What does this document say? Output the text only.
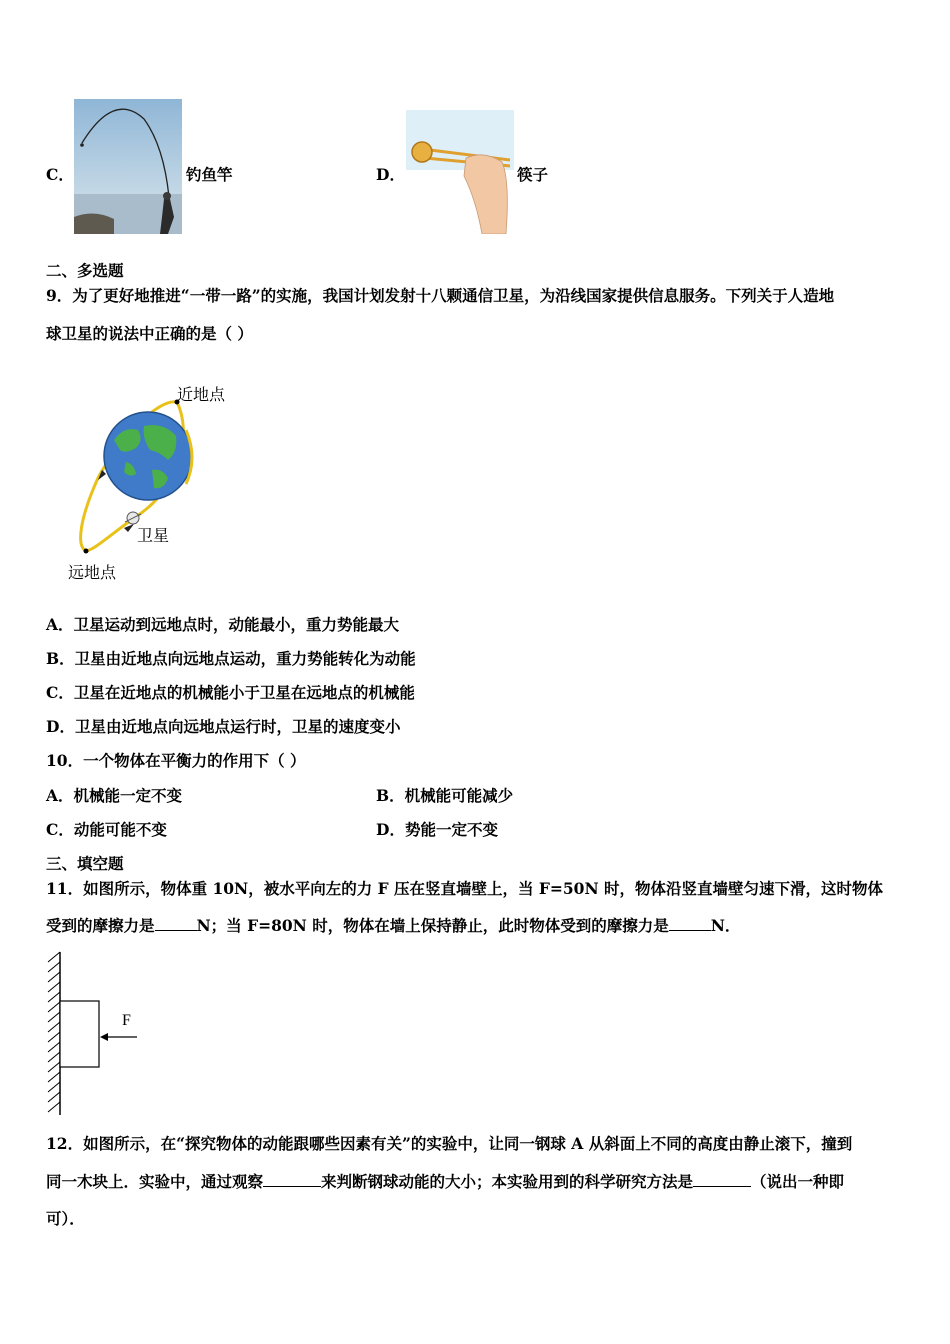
C．	钓鱼竿	D．	筷子
二、多选题
9．为了更好地推进“一带一路”的实施，我国计划发射十八颗通信卫星，为沿线国家提供信息服务。下列关于人造地
球卫星的说法中正确的是（ ）
近地点
卫星
远地点
A．卫星运动到远地点时，动能最小，重力势能最大
B．卫星由近地点向远地点运动，重力势能转化为动能
C．卫星在近地点的机械能小于卫星在远地点的机械能
D．卫星由近地点向远地点运行时，卫星的速度变小
10．一个物体在平衡力的作用下（ ）
A．机械能一定不变	B．机械能可能减少
C．动能可能不变	D．势能一定不变
三、填空题
11．如图所示，物体重 10N，被水平向左的力 F 压在竖直墙壁上，当 F=50N 时，物体沿竖直墙壁匀速下滑，这时物体
受到的摩擦力是	N；当 F=80N 时，物体在墙上保持静止，此时物体受到的摩擦力是	N．
F
12．如图所示，在“探究物体的动能跟哪些因素有关”的实验中，让同一钢球 A 从斜面上不同的高度由静止滚下，撞到
同一木块上．实验中，通过观察	来判断钢球动能的大小；本实验用到的科学研究方法是	（说出一种即
可）．
